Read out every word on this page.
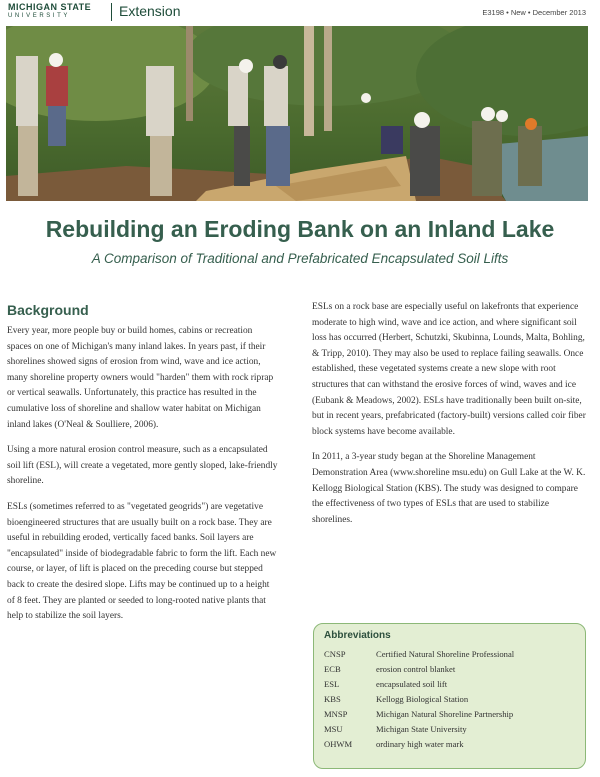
MICHIGAN STATE
UNIVERSITY	Extension	E3198 • New • December 2013
Rebuilding an Eroding Bank on an Inland Lake
A Comparison of Traditional and Prefabricated Encapsulated Soil Lifts
Background

Every year, more people buy or build homes, cabins or recreation spaces on one of Michigan's many inland lakes. In years past, if their shorelines showed signs of erosion from wind, wave and ice action, many shoreline property owners would "harden" them with rock riprap or vertical seawalls. Unfortunately, this practice has resulted in the cumulative loss of shoreline and shallow water habitat on Michigan inland lakes (O'Neal & Soulliere, 2006).

Using a more natural erosion control measure, such as a encapsulated soil lift (ESL), will create a vegetated, more gently sloped, lake-friendly shoreline.

ESLs (sometimes referred to as "vegetated geogrids") are vegetative bioengineered structures that are usually built on a rock base. They are useful in rebuilding eroded, vertically faced banks. Soil layers are "encapsulated" inside of biodegradable fabric to form the lift. Each new course, or layer, of lift is placed on the preceding course but stepped back to create the desired slope. Lifts may be continued up to a height of 8 feet. They are planted or seeded to long-rooted native plants that help to stabilize the soil layers.

ESLs on a rock base are especially useful on lakefronts that experience moderate to high wind, wave and ice action, and where significant soil loss has occurred (Herbert, Schutzki, Skubinna, Lounds, Malta, Bohling, & Tripp, 2010). They may also be used to replace failing seawalls. Once established, these vegetated systems create a new slope with root structures that can withstand the erosive forces of wind, waves and ice (Eubank & Meadows, 2002). ESLs have traditionally been built on-site, but in recent years, prefabricated (factory-built) versions called coir fiber block systems have become available.

In 2011, a 3-year study began at the Shoreline Management Demonstration Area (www.shoreline msu.edu) on Gull Lake at the W. K. Kellogg Biological Station (KBS). The study was designed to compare the effectiveness of two types of ESLs that are used to stabilize shorelines.

Abbreviations
CNSP	Certified Natural Shoreline Professional
ECB	erosion control blanket
ESL	encapsulated soil lift
KBS	Kellogg Biological Station
MNSP	Michigan Natural Shoreline Partnership
MSU	Michigan State University
OHWM	ordinary high water mark
